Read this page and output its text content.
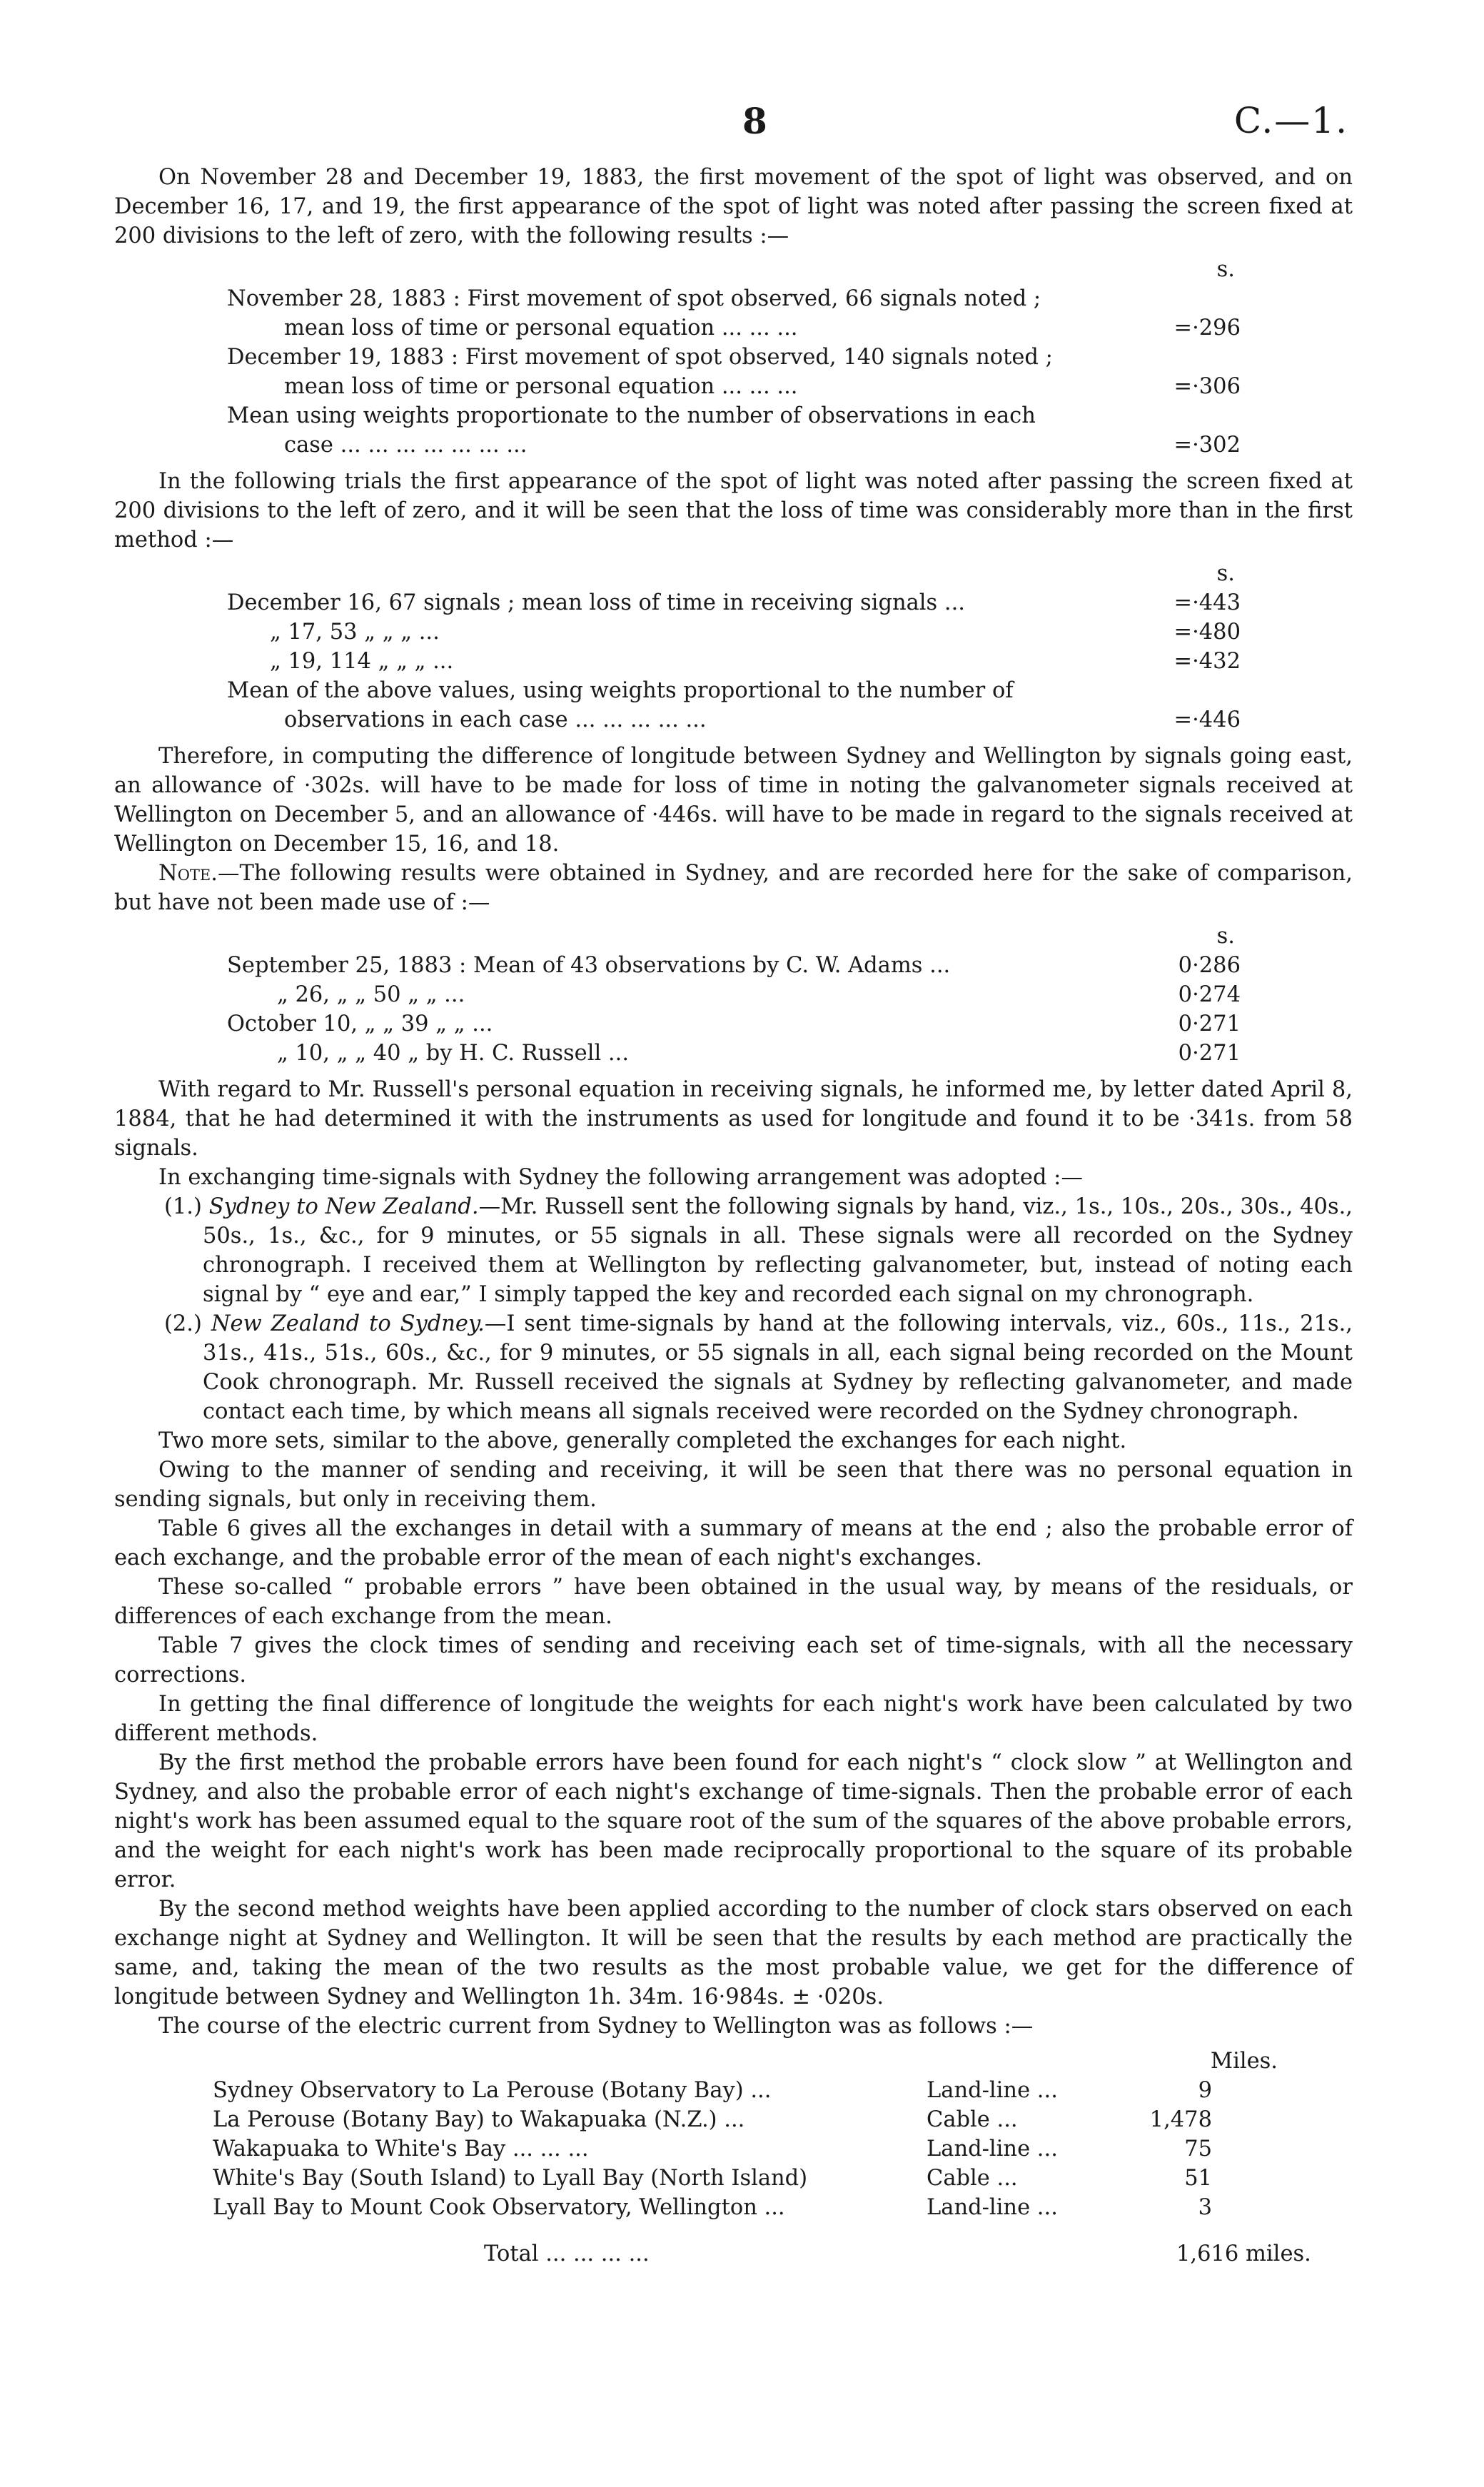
8	C.—1.

On November 28 and December 19, 1883, the first movement of the spot of light was observed, and on December 16, 17, and 19, the first appearance of the spot of light was noted after passing the screen fixed at 200 divisions to the left of zero, with the following results :—

s.
November 28, 1883 : First movement of spot observed, 66 signals noted ;
mean loss of time or personal equation ... ... ...	=·296
December 19, 1883 : First movement of spot observed, 140 signals noted ;
mean loss of time or personal equation ... ... ...	=·306
Mean using weights proportionate to the number of observations in each
case ... ... ... ... ... ... ...	=·302

In the following trials the first appearance of the spot of light was noted after passing the screen fixed at 200 divisions to the left of zero, and it will be seen that the loss of time was considerably more than in the first method :—

s.
December 16, 67 signals ; mean loss of time in receiving signals ...	=·443
„ 17, 53 „ „ „ ...	=·480
„ 19, 114 „ „ „ ...	=·432
Mean of the above values, using weights proportional to the number of
observations in each case ... ... ... ... ...	=·446

Therefore, in computing the difference of longitude between Sydney and Wellington by signals going east, an allowance of ·302s. will have to be made for loss of time in noting the galvanometer signals received at Wellington on December 5, and an allowance of ·446s. will have to be made in regard to the signals received at Wellington on December 15, 16, and 18.

Note.—The following results were obtained in Sydney, and are recorded here for the sake of comparison, but have not been made use of :—

s.
September 25, 1883 : Mean of 43 observations by C. W. Adams ...	0·286
„ 26, „ „ 50 „ „ ...	0·274
October 10, „ „ 39 „ „ ...	0·271
„ 10, „ „ 40 „ by H. C. Russell ...	0·271

With regard to Mr. Russell's personal equation in receiving signals, he informed me, by letter dated April 8, 1884, that he had determined it with the instruments as used for longitude and found it to be ·341s. from 58 signals.

In exchanging time-signals with Sydney the following arrangement was adopted :—

(1.) Sydney to New Zealand.—Mr. Russell sent the following signals by hand, viz., 1s., 10s., 20s., 30s., 40s., 50s., 1s., &c., for 9 minutes, or 55 signals in all. These signals were all recorded on the Sydney chronograph. I received them at Wellington by reflecting galvanometer, but, instead of noting each signal by “ eye and ear,” I simply tapped the key and recorded each signal on my chronograph.

(2.) New Zealand to Sydney.—I sent time-signals by hand at the following intervals, viz., 60s., 11s., 21s., 31s., 41s., 51s., 60s., &c., for 9 minutes, or 55 signals in all, each signal being recorded on the Mount Cook chronograph. Mr. Russell received the signals at Sydney by reflecting galvanometer, and made contact each time, by which means all signals received were recorded on the Sydney chronograph.

Two more sets, similar to the above, generally completed the exchanges for each night.

Owing to the manner of sending and receiving, it will be seen that there was no personal equation in sending signals, but only in receiving them.

Table 6 gives all the exchanges in detail with a summary of means at the end ; also the probable error of each exchange, and the probable error of the mean of each night's exchanges.

These so-called “ probable errors ” have been obtained in the usual way, by means of the residuals, or differences of each exchange from the mean.

Table 7 gives the clock times of sending and receiving each set of time-signals, with all the necessary corrections.

In getting the final difference of longitude the weights for each night's work have been calculated by two different methods.

By the first method the probable errors have been found for each night's “ clock slow ” at Wellington and Sydney, and also the probable error of each night's exchange of time-signals. Then the probable error of each night's work has been assumed equal to the square root of the sum of the squares of the above probable errors, and the weight for each night's work has been made reciprocally proportional to the square of its probable error.

By the second method weights have been applied according to the number of clock stars observed on each exchange night at Sydney and Wellington. It will be seen that the results by each method are practically the same, and, taking the mean of the two results as the most probable value, we get for the difference of longitude between Sydney and Wellington 1h. 34m. 16·984s. ± ·020s.

The course of the electric current from Sydney to Wellington was as follows :—

Miles.
Sydney Observatory to La Perouse (Botany Bay) ...	Land-line ...	9
La Perouse (Botany Bay) to Wakapuaka (N.Z.) ...	Cable ...	1,478
Wakapuaka to White's Bay ... ... ...	Land-line ...	75
White's Bay (South Island) to Lyall Bay (North Island)	Cable ...	51
Lyall Bay to Mount Cook Observatory, Wellington ...	Land-line ...	3
Total ... ... ... ...	1,616 miles.
